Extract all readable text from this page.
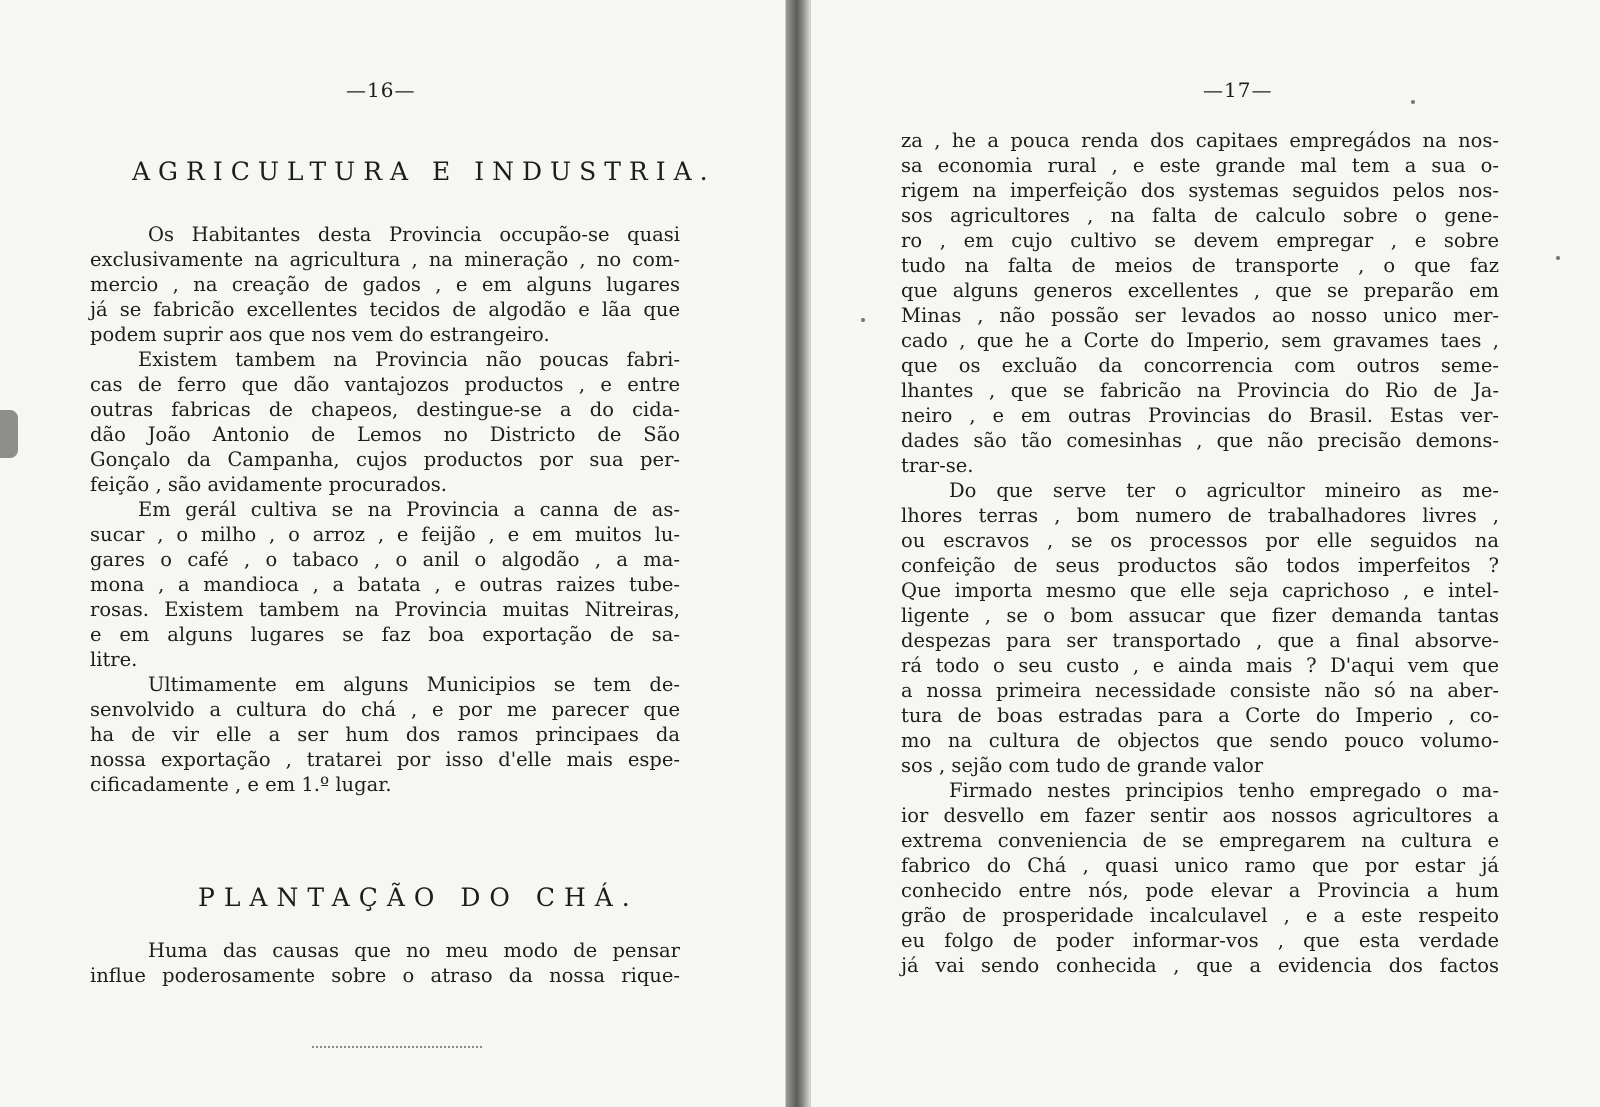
—16—
AGRICULTURA E INDUSTRIA.
Os Habitantes desta Provincia occupão-se quasi
exclusivamente na agricultura , na mineração , no com-
mercio , na creação de gados , e em alguns lugares
já se fabricão excellentes tecidos de algodão e lãa que
podem suprir aos que nos vem do estrangeiro.
Existem tambem na Provincia não poucas fabri-
cas de ferro que dão vantajozos productos , e entre
outras fabricas de chapeos, destingue-se a do cida-
dão João Antonio de Lemos no Districto de São
Gonçalo da Campanha, cujos productos por sua per-
feição , são avidamente procurados.
Em gerál cultiva se na Provincia a canna de as-
sucar , o milho , o arroz , e feijão , e em muitos lu-
gares o café , o tabaco , o anil o algodão , a ma-
mona , a mandioca , a batata , e outras raizes tube-
rosas. Existem tambem na Provincia muitas Nitreiras,
e em alguns lugares se faz boa exportação de sa-
litre.
Ultimamente em alguns Municipios se tem de-
senvolvido a cultura do chá , e por me parecer que
ha de vir elle a ser hum dos ramos principaes da
nossa exportação , tratarei por isso d'elle mais espe-
cificadamente , e em 1.º lugar.
PLANTAÇÃO DO CHÁ.
Huma das causas que no meu modo de pensar
influe poderosamente sobre o atraso da nossa rique-
—17—
za , he a pouca renda dos capitaes empregádos na nos-
sa economia rural , e este grande mal tem a sua o-
rigem na imperfeição dos systemas seguidos pelos nos-
sos agricultores , na falta de calculo sobre o gene-
ro , em cujo cultivo se devem empregar , e sobre
tudo na falta de meios de transporte , o que faz
que alguns generos excellentes , que se preparão em
Minas , não possão ser levados ao nosso unico mer-
cado , que he a Corte do Imperio, sem gravames taes ,
que os excluão da concorrencia com outros seme-
lhantes , que se fabricão na Provincia do Rio de Ja-
neiro , e em outras Provincias do Brasil. Estas ver-
dades são tão comesinhas , que não precisão demons-
trar-se.
Do que serve ter o agricultor mineiro as me-
lhores terras , bom numero de trabalhadores livres ,
ou escravos , se os processos por elle seguidos na
confeição de seus productos são todos imperfeitos ?
Que importa mesmo que elle seja caprichoso , e intel-
ligente , se o bom assucar que fizer demanda tantas
despezas para ser transportado , que a final absorve-
rá todo o seu custo , e ainda mais ? D'aqui vem que
a nossa primeira necessidade consiste não só na aber-
tura de boas estradas para a Corte do Imperio , co-
mo na cultura de objectos que sendo pouco volumo-
sos , sejão com tudo de grande valor
Firmado nestes principios tenho empregado o ma-
ior desvello em fazer sentir aos nossos agricultores a
extrema conveniencia de se empregarem na cultura e
fabrico do Chá , quasi unico ramo que por estar já
conhecido entre nós, pode elevar a Provincia a hum
grão de prosperidade incalculavel , e a este respeito
eu folgo de poder informar-vos , que esta verdade
já vai sendo conhecida , que a evidencia dos factos
